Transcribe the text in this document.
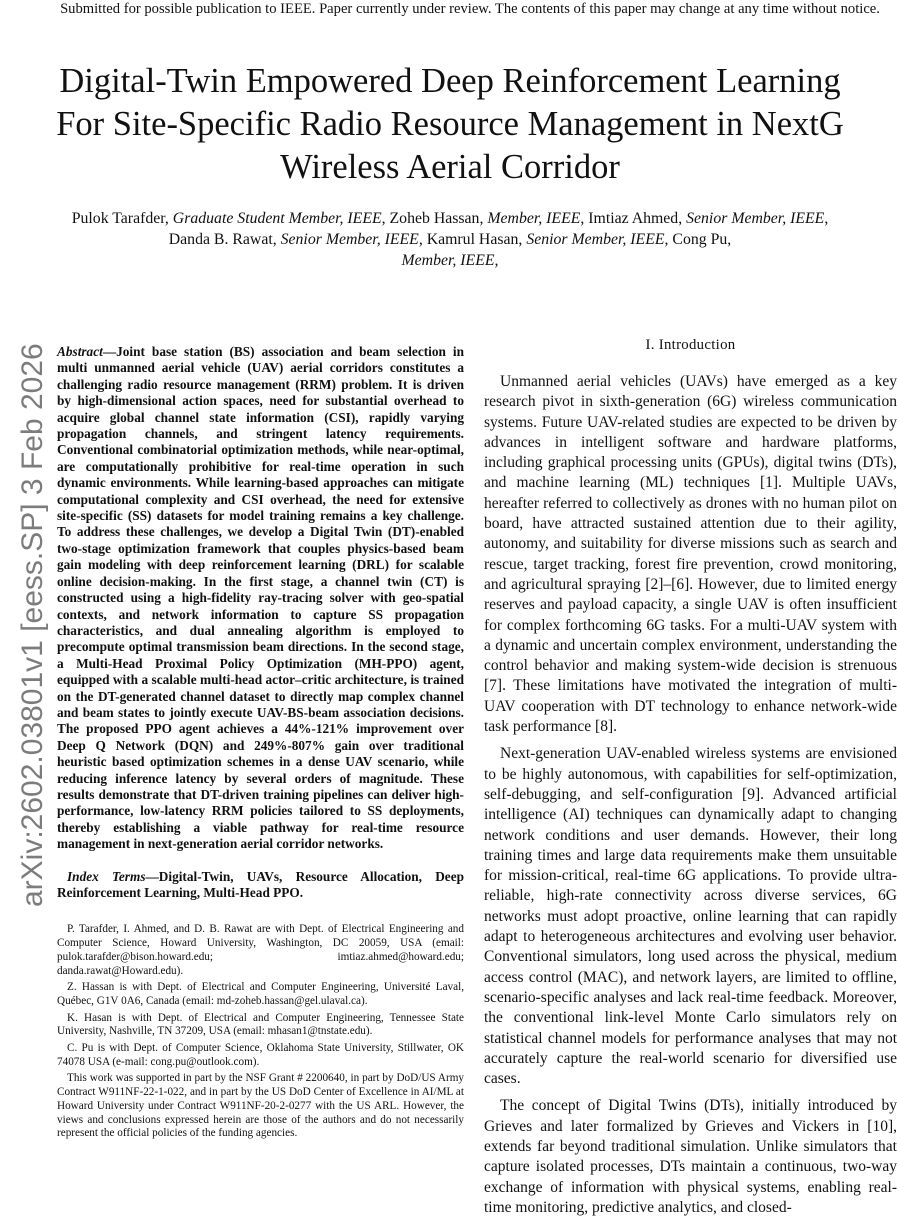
Submitted for possible publication to IEEE. Paper currently under review. The contents of this paper may change at any time without notice.
Digital-Twin Empowered Deep Reinforcement Learning For Site-Specific Radio Resource Management in NextG Wireless Aerial Corridor
Pulok Tarafder, Graduate Student Member, IEEE, Zoheb Hassan, Member, IEEE, Imtiaz Ahmed, Senior Member, IEEE, Danda B. Rawat, Senior Member, IEEE, Kamrul Hasan, Senior Member, IEEE, Cong Pu,
Member, IEEE,
arXiv:2602.03801v1 [eess.SP] 3 Feb 2026 Abstract—Joint base station (BS) association and beam selection in multi unmanned aerial vehicle (UAV) aerial corridors constitutes a challenging radio resource management (RRM) problem. It is driven by high-dimensional action spaces, need for substantial overhead to acquire global channel state information (CSI), rapidly varying propagation channels, and stringent latency requirements. Conventional combinatorial optimization methods, while near-optimal, are computationally prohibitive for real-time operation in such dynamic environments. While learning-based approaches can mitigate computational complexity and CSI overhead, the need for extensive site-specific (SS) datasets for model training remains a key challenge. To address these challenges, we develop a Digital Twin (DT)-enabled two-stage optimization framework that couples physics-based beam gain modeling with deep reinforcement learning (DRL) for scalable online decision-making. In the first stage, a channel twin (CT) is constructed using a high-fidelity ray-tracing solver with geo-spatial contexts, and network information to capture SS propagation characteristics, and dual annealing algorithm is employed to precompute optimal transmission beam directions. In the second stage, a Multi-Head Proximal Policy Optimization (MH-PPO) agent, equipped with a scalable multi-head actor–critic architecture, is trained on the DT-generated channel dataset to directly map complex channel and beam states to jointly execute UAV-BS-beam association decisions. The proposed PPO agent achieves a 44%-121% improvement over Deep Q Network (DQN) and 249%-807% gain over traditional heuristic based optimization schemes in a dense UAV scenario, while reducing inference latency by several orders of magnitude. These results demonstrate that DT-driven training pipelines can deliver high-performance, low-latency RRM policies tailored to SS deployments, thereby establishing a viable pathway for real-time resource management in next-generation aerial corridor networks.

Index Terms—Digital-Twin, UAVs, Resource Allocation, Deep Reinforcement Learning, Multi-Head PPO.

P. Tarafder, I. Ahmed, and D. B. Rawat are with Dept. of Electrical Engineering and Computer Science, Howard University, Washington, DC 20059, USA (email: pulok.tarafder@bison.howard.edu; imtiaz.ahmed@howard.edu; danda.rawat@Howard.edu).

Z. Hassan is with Dept. of Electrical and Computer Engineering, Université Laval, Québec, G1V 0A6, Canada (email: md-zoheb.hassan@gel.ulaval.ca).

K. Hasan is with Dept. of Electrical and Computer Engineering, Tennessee State University, Nashville, TN 37209, USA (email: mhasan1@tnstate.edu).

C. Pu is with Dept. of Computer Science, Oklahoma State University, Stillwater, OK 74078 USA (e-mail: cong.pu@outlook.com).

This work was supported in part by the NSF Grant # 2200640, in part by DoD/US Army Contract W911NF-22-1-022, and in part by the US DoD Center of Excellence in AI/ML at Howard University under Contract W911NF-20-2-0277 with the US ARL. However, the views and conclusions expressed herein are those of the authors and do not necessarily represent the official policies of the funding agencies.

I. Introduction

Unmanned aerial vehicles (UAVs) have emerged as a key research pivot in sixth-generation (6G) wireless communication systems. Future UAV-related studies are expected to be driven by advances in intelligent software and hardware platforms, including graphical processing units (GPUs), digital twins (DTs), and machine learning (ML) techniques [1]. Multiple UAVs, hereafter referred to collectively as drones with no human pilot on board, have attracted sustained attention due to their agility, autonomy, and suitability for diverse missions such as search and rescue, target tracking, forest fire prevention, crowd monitoring, and agricultural spraying [2]–[6]. However, due to limited energy reserves and payload capacity, a single UAV is often insufficient for complex forthcoming 6G tasks. For a multi-UAV system with a dynamic and uncertain complex environment, understanding the control behavior and making system-wide decision is strenuous [7]. These limitations have motivated the integration of multi-UAV cooperation with DT technology to enhance network-wide task performance [8].

Next-generation UAV-enabled wireless systems are envisioned to be highly autonomous, with capabilities for self-optimization, self-debugging, and self-configuration [9]. Advanced artificial intelligence (AI) techniques can dynamically adapt to changing network conditions and user demands. However, their long training times and large data requirements make them unsuitable for mission-critical, real-time 6G applications. To provide ultra-reliable, high-rate connectivity across diverse services, 6G networks must adopt proactive, online learning that can rapidly adapt to heterogeneous architectures and evolving user behavior. Conventional simulators, long used across the physical, medium access control (MAC), and network layers, are limited to offline, scenario-specific analyses and lack real-time feedback. Moreover, the conventional link-level Monte Carlo simulators rely on statistical channel models for performance analyses that may not accurately capture the real-world scenario for diversified use cases.

The concept of Digital Twins (DTs), initially introduced by Grieves and later formalized by Grieves and Vickers in [10], extends far beyond traditional simulation. Unlike simulators that capture isolated processes, DTs maintain a continuous, two-way exchange of information with physical systems, enabling real-time monitoring, predictive analytics, and closed-
